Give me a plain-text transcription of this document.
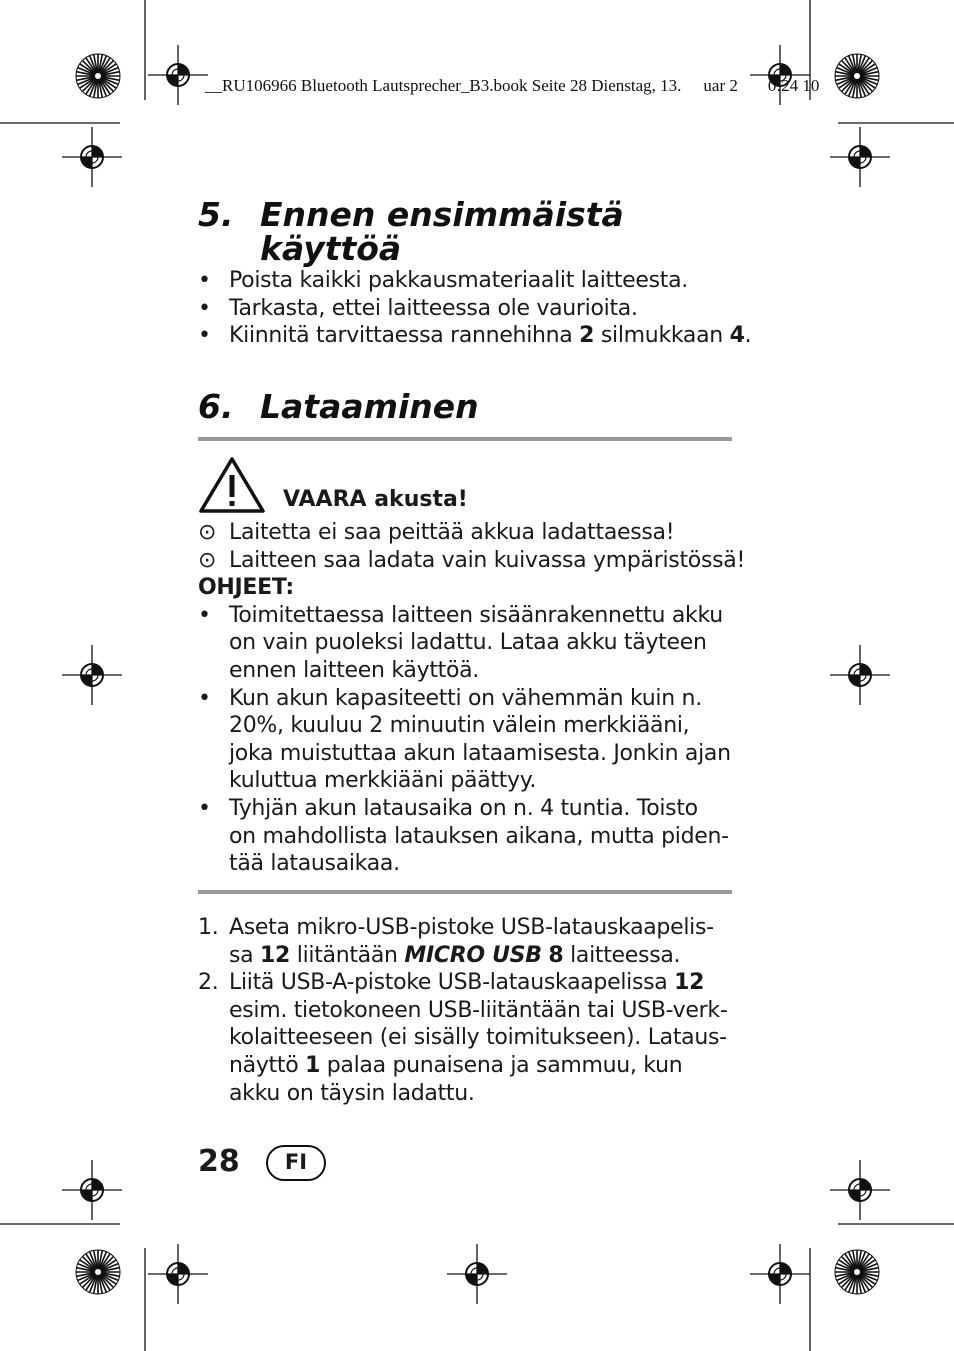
__RU106966 Bluetooth Lautsprecher_B3.book Seite 28 Dienstag, 13. uar 2 0:24 10
5. Ennen ensimmäistä
käyttöä
• Poista kaikki pakkausmateriaalit laitteesta.
• Tarkasta, ettei laitteessa ole vaurioita.
• Kiinnitä tarvittaessa rannehihna 2 silmukkaan 4.
6. Lataaminen
VAARA akusta!
⊙ Laitetta ei saa peittää akkua ladattaessa!
⊙ Laitteen saa ladata vain kuivassa ympäristössä!
OHJEET:
• Toimitettaessa laitteen sisäänrakennettu akku
on vain puoleksi ladattu. Lataa akku täyteen
ennen laitteen käyttöä.
• Kun akun kapasiteetti on vähemmän kuin n.
20%, kuuluu 2 minuutin välein merkkiääni,
joka muistuttaa akun lataamisesta. Jonkin ajan
kuluttua merkkiääni päättyy.
• Tyhjän akun latausaika on n. 4 tuntia. Toisto
on mahdollista latauksen aikana, mutta piden-
tää latausaikaa.
1. Aseta mikro-USB-pistoke USB-latauskaapelis-
sa 12 liitäntään MICRO USB 8 laitteessa.
2. Liitä USB-A-pistoke USB-latauskaapelissa 12
esim. tietokoneen USB-liitäntään tai USB-verk-
kolaitteeseen (ei sisälly toimitukseen). Lataus-
näyttö 1 palaa punaisena ja sammuu, kun
akku on täysin ladattu.
28	FI
